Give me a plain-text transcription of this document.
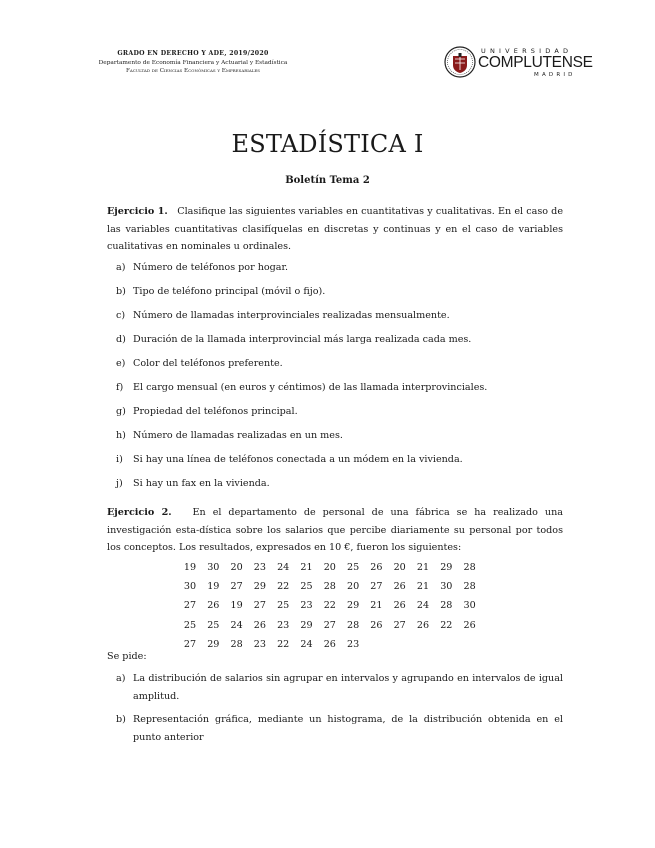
GRADO EN DERECHO Y ADE, 2019/2020
Departamento de Economía Financiera y Actuarial y Estadística
Facultad de Ciencias Económicas y Empresariales
UNIVERSIDAD
COMPLUTENSE
MADRID
ESTADÍSTICA I
Boletín Tema 2
Ejercicio 1. Clasifique las siguientes variables en cuantitativas y cualitativas. En el caso de las variables cuantitativas clasifíquelas en discretas y continuas y en el caso de variables cualitativas en nominales u ordinales.
a) Número de teléfonos por hogar.
b) Tipo de teléfono principal (móvil o fijo).
c) Número de llamadas interprovinciales realizadas mensualmente.
d) Duración de la llamada interprovincial más larga realizada cada mes.
e) Color del teléfonos preferente.
f)	El cargo mensual (en euros y céntimos) de las llamada interprovinciales.
g) Propiedad del teléfonos principal.
h) Número de llamadas realizadas en un mes.
i)	Si hay una línea de teléfonos conectada a un módem en la vivienda.
j)	Si hay un fax en la vivienda.
Ejercicio 2. En el departamento de personal de una fábrica se ha realizado una investigación esta-dística sobre los salarios que percibe diariamente su personal por todos los conceptos. Los resultados, expresados en 10 €, fueron los siguientes:
19	30	20	23	24	21	20	25	26	20	21	29	28
30	19	27	29	22	25	28	20	27	26	21	30	28
27	26	19	27	25	23	22	29	21	26	24	28	30
25	25	24	26	23	29	27	28	26	27	26	22	26
27	29	28	23	22	24	26	23
Se pide:
a) La distribución de salarios sin agrupar en intervalos y agrupando en intervalos de igual amplitud.
b) Representación gráfica, mediante un histograma, de la distribución obtenida en el punto anterior
